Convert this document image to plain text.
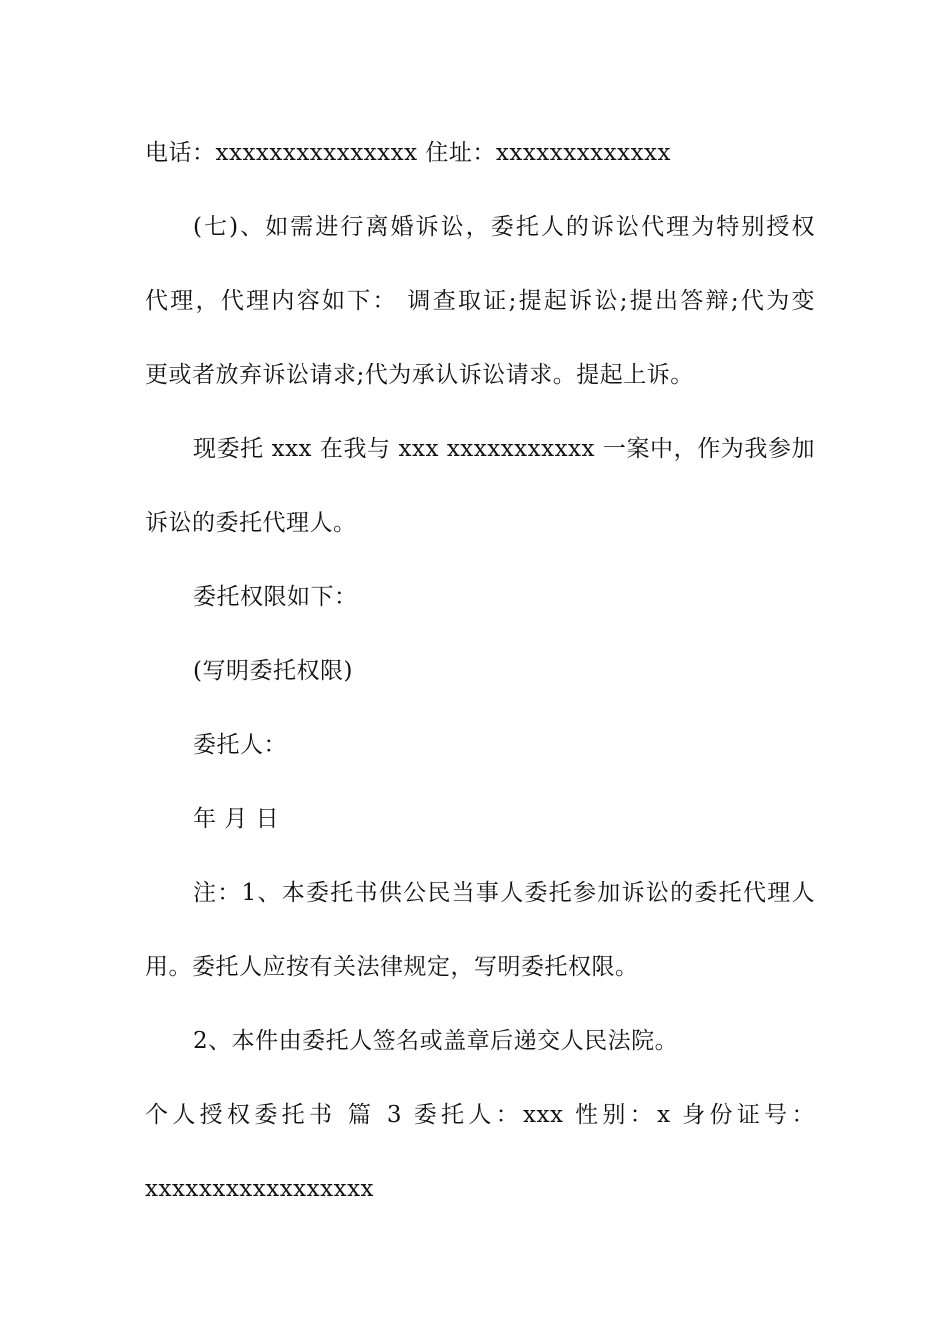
电话：xxxxxxxxxxxxxxx 住址：xxxxxxxxxxxxx
(七)、如需进行离婚诉讼，委托人的诉讼代理为特别授权
代理，代理内容如下： 调查取证;提起诉讼;提出答辩;代为变
更或者放弃诉讼请求;代为承认诉讼请求。提起上诉。
现委托 xxx 在我与 xxx xxxxxxxxxxx 一案中，作为我参加
诉讼的委托代理人。
委托权限如下：
(写明委托权限)
委托人：
年 月 日
注：1、本委托书供公民当事人委托参加诉讼的委托代理人
用。委托人应按有关法律规定，写明委托权限。
2、本件由委托人签名或盖章后递交人民法院。
个人授权委托书 篇 3 委托人：xxx 性别：x 身份证号：
xxxxxxxxxxxxxxxxx
